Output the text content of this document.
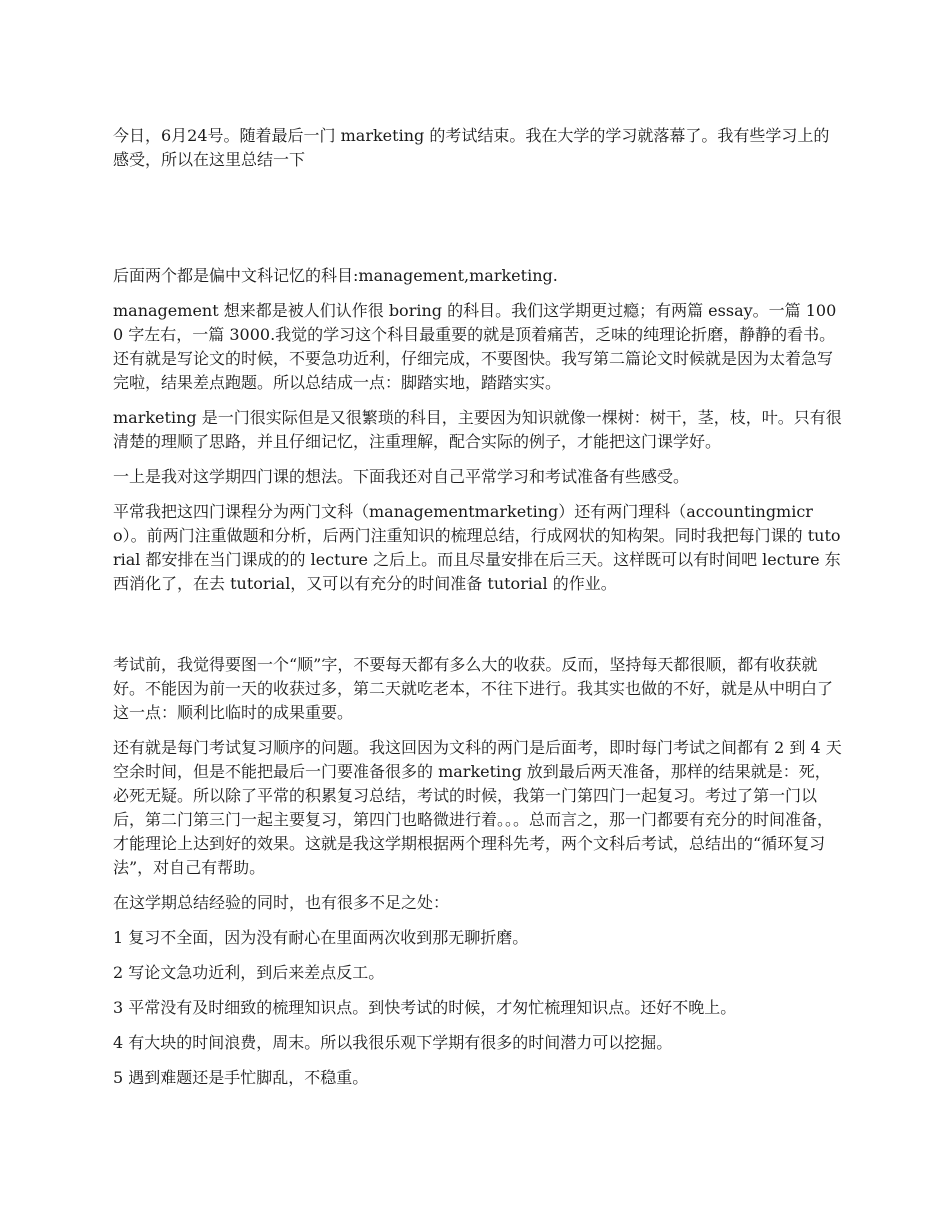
今日，6月24号。随着最后一门 marketing 的考试结束。我在大学的学习就落幕了。我有些学习上的感受，所以在这里总结一下

后面两个都是偏中文科记忆的科目:management,marketing.

management 想来都是被人们认作很 boring 的科目。我们这学期更过瘾；有两篇 essay。一篇 1000 字左右，一篇 3000.我觉的学习这个科目最重要的就是顶着痛苦，乏味的纯理论折磨，静静的看书。还有就是写论文的时候，不要急功近利，仔细完成，不要图快。我写第二篇论文时候就是因为太着急写完啦，结果差点跑题。所以总结成一点：脚踏实地，踏踏实实。

marketing 是一门很实际但是又很繁琐的科目，主要因为知识就像一棵树：树干，茎，枝，叶。只有很清楚的理顺了思路，并且仔细记忆，注重理解，配合实际的例子，才能把这门课学好。

一上是我对这学期四门课的想法。下面我还对自己平常学习和考试准备有些感受。

平常我把这四门课程分为两门文科（managementmarketing）还有两门理科（accountingmicro）。前两门注重做题和分析，后两门注重知识的梳理总结，行成网状的知构架。同时我把每门课的 tutorial 都安排在当门课成的的 lecture 之后上。而且尽量安排在后三天。这样既可以有时间吧 lecture 东西消化了，在去 tutorial，又可以有充分的时间准备 tutorial 的作业。

考试前，我觉得要图一个“顺”字，不要每天都有多么大的收获。反而，坚持每天都很顺，都有收获就好。不能因为前一天的收获过多，第二天就吃老本，不往下进行。我其实也做的不好，就是从中明白了这一点：顺利比临时的成果重要。

还有就是每门考试复习顺序的问题。我这回因为文科的两门是后面考，即时每门考试之间都有 2 到 4 天空余时间，但是不能把最后一门要准备很多的 marketing 放到最后两天准备，那样的结果就是：死，必死无疑。所以除了平常的积累复习总结，考试的时候，我第一门第四门一起复习。考过了第一门以后，第二门第三门一起主要复习，第四门也略微进行着。。。总而言之，那一门都要有充分的时间准备，才能理论上达到好的效果。这就是我这学期根据两个理科先考，两个文科后考试，总结出的“循环复习法”，对自己有帮助。

在这学期总结经验的同时，也有很多不足之处：

1 复习不全面，因为没有耐心在里面两次收到那无聊折磨。

2 写论文急功近利，到后来差点反工。

3 平常没有及时细致的梳理知识点。到快考试的时候，才匆忙梳理知识点。还好不晚上。

4 有大块的时间浪费，周末。所以我很乐观下学期有很多的时间潜力可以挖掘。

5 遇到难题还是手忙脚乱，不稳重。
